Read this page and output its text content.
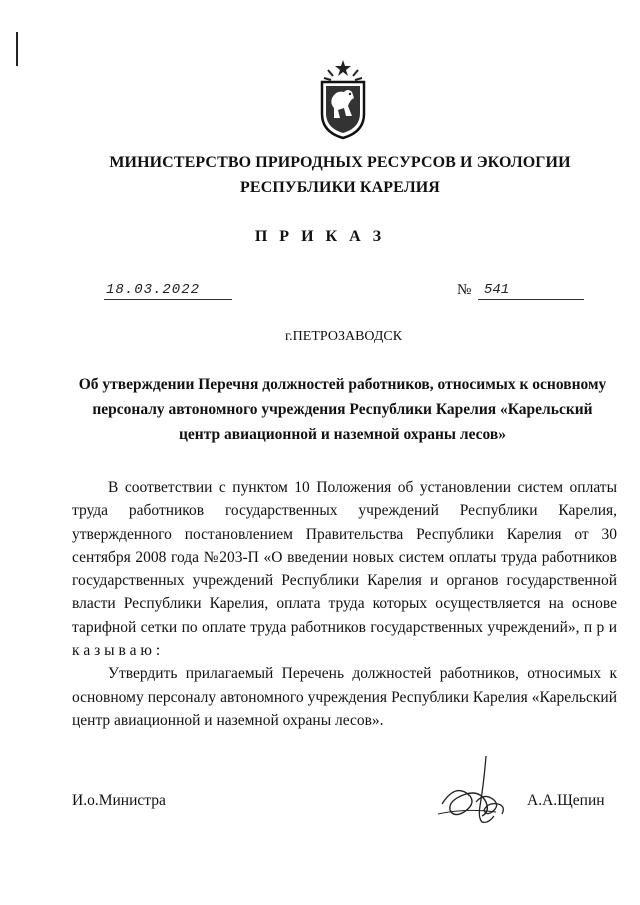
МИНИСТЕРСТВО ПРИРОДНЫХ РЕСУРСОВ И ЭКОЛОГИИ РЕСПУБЛИКИ КАРЕЛИЯ
П Р И К А З
18.03.2022	№ 541
г.ПЕТРОЗАВОДСК
Об утверждении Перечня должностей работников, относимых к основному персоналу автономного учреждения Республики Карелия «Карельский центр авиационной и наземной охраны лесов»

В соответствии с пунктом 10 Положения об установлении систем оплаты труда работников государственных учреждений Республики Карелия, утвержденного постановлением Правительства Республики Карелия от 30 сентября 2008 года №203-П «О введении новых систем оплаты труда работников государственных учреждений Республики Карелия и органов государственной власти Республики Карелия, оплата труда которых осуществляется на основе тарифной сетки по оплате труда работников государственных учреждений», п р и к а з ы в а ю :

Утвердить прилагаемый Перечень должностей работников, относимых к основному персоналу автономного учреждения Республики Карелия «Карельский центр авиационной и наземной охраны лесов».

И.о.Министра	А.А.Щепин
